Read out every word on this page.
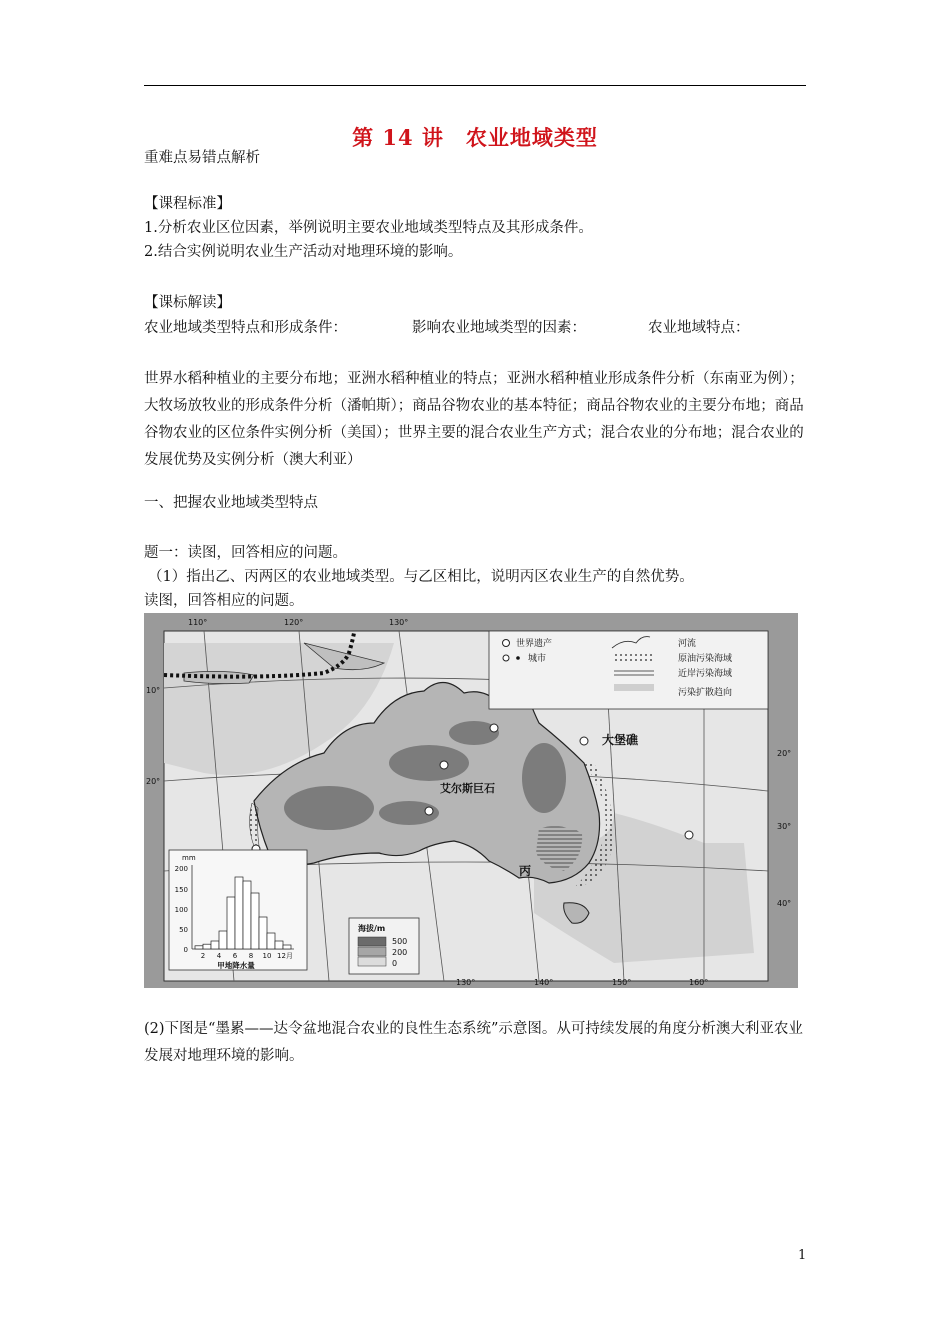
第 14 讲　农业地域类型
重难点易错点解析
【课程标准】
1.分析农业区位因素，举例说明主要农业地域类型特点及其形成条件。
2.结合实例说明农业生产活动对地理环境的影响。
【课标解读】
农业地域类型特点和形成条件：	影响农业地域类型的因素：	农业地域特点：
世界水稻种植业的主要分布地；亚洲水稻种植业的特点；亚洲水稻种植业形成条件分析（东南亚为例）；大牧场放牧业的形成条件分析（潘帕斯）；商品谷物农业的基本特征；商品谷物农业的主要分布地；商品谷物农业的区位条件实例分析（美国）；世界主要的混合农业生产方式；混合农业的分布地；混合农业的发展优势及实例分析（澳大利亚）
一、把握农业地域类型特点
题一：读图，回答相应的问题。
（1）指出乙、丙两区的农业地域类型。与乙区相比，说明丙区农业生产的自然优势。
读图，回答相应的问题。
大堡礁
艾尔斯巨石
丙
110°	120°	130°
130°	140°	150°	160°
10°
20°
20°
30°
40°
世界遗产
城市
河流
原油污染海域
近岸污染海域
污染扩散趋向
海拔/m
500
200
0
mm
200
150
100
50
0
2 4 6 8 10 12月
甲地降水量
(2)下图是“墨累——达令盆地混合农业的良性生态系统”示意图。从可持续发展的角度分析澳大利亚农业发展对地理环境的影响。
1
